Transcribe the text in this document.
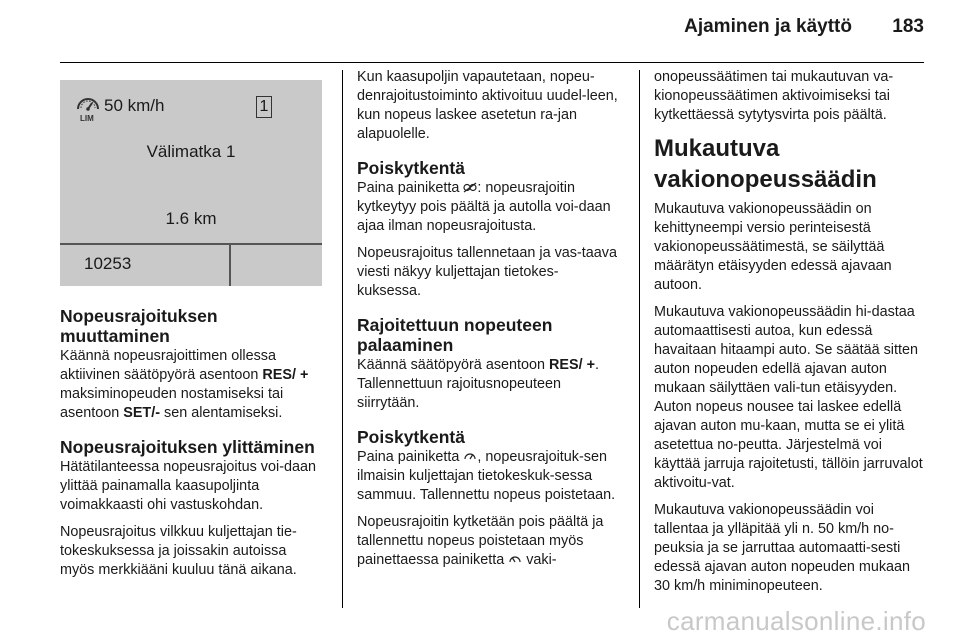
Ajaminen ja käyttö 183
LIM
50 km/h	1
Välimatka 1
1.6 km
10253
Nopeusrajoituksen muuttaminen

Käännä nopeusrajoittimen ollessa aktiivinen säätöpyörä asentoon RES/ + maksiminopeuden nostamiseksi tai asentoon SET/- sen alentamiseksi.

Nopeusrajoituksen ylittäminen

Hätätilanteessa nopeusrajoitus voi-daan ylittää painamalla kaasupoljinta voimakkaasti ohi vastuskohdan.

Nopeusrajoitus vilkkuu kuljettajan tie-tokeskuksessa ja joissakin autoissa myös merkkiääni kuuluu tänä aikana.

Kun kaasupoljin vapautetaan, nopeu-denrajoitustoiminto aktivoituu uudel-leen, kun nopeus laskee asetetun ra-jan alapuolelle.

Poiskytkentä

Paina painiketta : nopeusrajoitin kytkeytyy pois päältä ja autolla voi-daan ajaa ilman nopeusrajoitusta.

Nopeusrajoitus tallennetaan ja vas-taava viesti näkyy kuljettajan tietokes-kuksessa.

Rajoitettuun nopeuteen palaaminen

Käännä säätöpyörä asentoon RES/ +. Tallennettuun rajoitusnopeuteen siirrytään.

Poiskytkentä

Paina painiketta , nopeusrajoituk-sen ilmaisin kuljettajan tietokeskuk-sessa sammuu. Tallennettu nopeus poistetaan.

Nopeusrajoitin kytketään pois päältä ja tallennettu nopeus poistetaan myös painettaessa painiketta  vaki-

onopeussäätimen tai mukautuvan va-kionopeussäätimen aktivoimiseksi tai kytkettäessä sytytysvirta pois päältä.

Mukautuva vakionopeussäädin

Mukautuva vakionopeussäädin on kehittyneempi versio perinteisestä vakionopeussäätimestä, se säilyttää määrätyn etäisyyden edessä ajavaan autoon.

Mukautuva vakionopeussäädin hi-dastaa automaattisesti autoa, kun edessä havaitaan hitaampi auto. Se säätää sitten auton nopeuden edellä ajavan auton mukaan säilyttäen vali-tun etäisyyden. Auton nopeus nousee tai laskee edellä ajavan auton mu-kaan, mutta se ei ylitä asetettua no-peutta. Järjestelmä voi käyttää jarruja rajoitetusti, tällöin jarruvalot aktivoitu-vat.

Mukautuva vakionopeussäädin voi tallentaa ja ylläpitää yli n. 50 km/h no-peuksia ja se jarruttaa automaatti-sesti edessä ajavan auton nopeuden mukaan 30 km/h miniminopeuteen.

carmanualsonline.info
